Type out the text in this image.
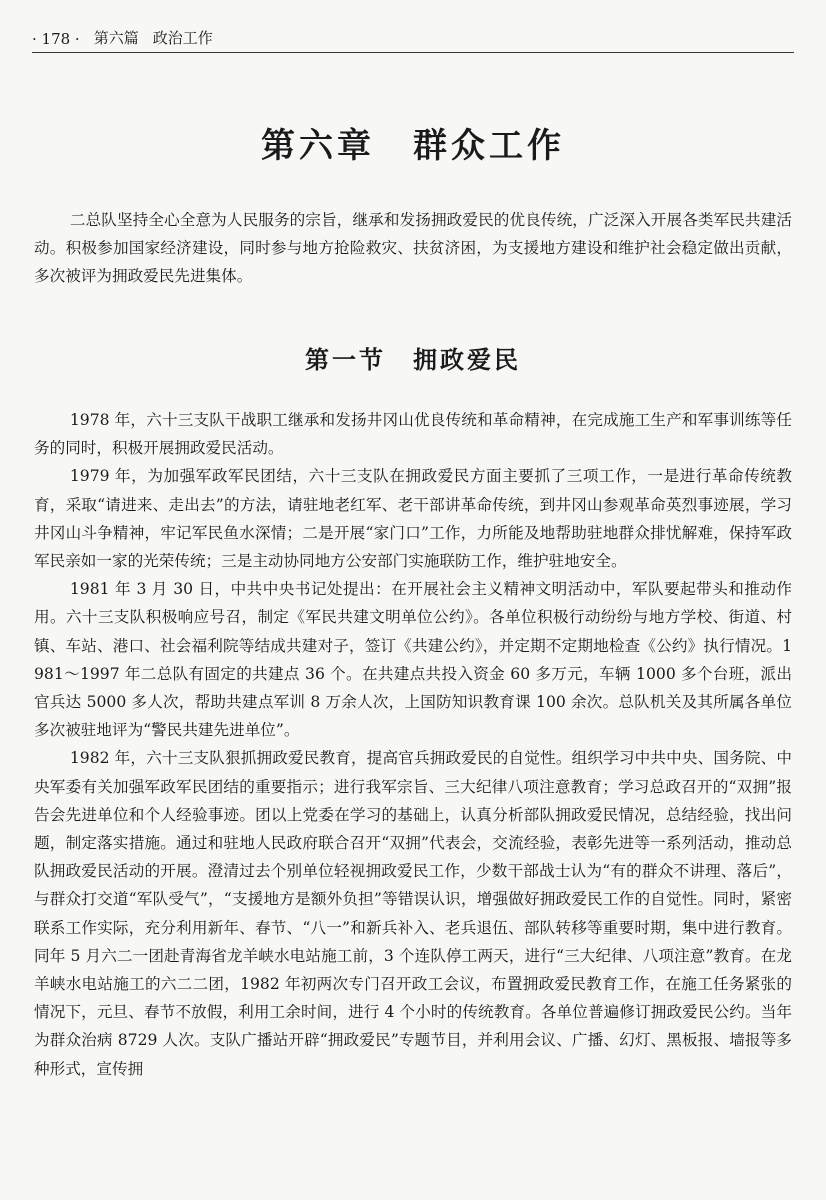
· 178 · 第六篇 政治工作
第六章　群众工作

二总队坚持全心全意为人民服务的宗旨，继承和发扬拥政爱民的优良传统，广泛深入开展各类军民共建活动。积极参加国家经济建设，同时参与地方抢险救灾、扶贫济困，为支援地方建设和维护社会稳定做出贡献，多次被评为拥政爱民先进集体。

第一节　拥政爱民

1978 年，六十三支队干战职工继承和发扬井冈山优良传统和革命精神，在完成施工生产和军事训练等任务的同时，积极开展拥政爱民活动。

1979 年，为加强军政军民团结，六十三支队在拥政爱民方面主要抓了三项工作，一是进行革命传统教育，采取“请进来、走出去”的方法，请驻地老红军、老干部讲革命传统，到井冈山参观革命英烈事迹展，学习井冈山斗争精神，牢记军民鱼水深情；二是开展“家门口”工作，力所能及地帮助驻地群众排忧解难，保持军政军民亲如一家的光荣传统；三是主动协同地方公安部门实施联防工作，维护驻地安全。

1981 年 3 月 30 日，中共中央书记处提出：在开展社会主义精神文明活动中，军队要起带头和推动作用。六十三支队积极响应号召，制定《军民共建文明单位公约》。各单位积极行动纷纷与地方学校、街道、村镇、车站、港口、社会福利院等结成共建对子，签订《共建公约》，并定期不定期地检查《公约》执行情况。1981～1997 年二总队有固定的共建点 36 个。在共建点共投入资金 60 多万元，车辆 1000 多个台班，派出官兵达 5000 多人次，帮助共建点军训 8 万余人次，上国防知识教育课 100 余次。总队机关及其所属各单位多次被驻地评为“警民共建先进单位”。

1982 年，六十三支队狠抓拥政爱民教育，提高官兵拥政爱民的自觉性。组织学习中共中央、国务院、中央军委有关加强军政军民团结的重要指示；进行我军宗旨、三大纪律八项注意教育；学习总政召开的“双拥”报告会先进单位和个人经验事迹。团以上党委在学习的基础上，认真分析部队拥政爱民情况，总结经验，找出问题，制定落实措施。通过和驻地人民政府联合召开“双拥”代表会，交流经验，表彰先进等一系列活动，推动总队拥政爱民活动的开展。澄清过去个别单位轻视拥政爱民工作，少数干部战士认为“有的群众不讲理、落后”，与群众打交道“军队受气”，“支援地方是额外负担”等错误认识，增强做好拥政爱民工作的自觉性。同时，紧密联系工作实际，充分利用新年、春节、“八一”和新兵补入、老兵退伍、部队转移等重要时期，集中进行教育。同年 5 月六二一团赴青海省龙羊峡水电站施工前，3 个连队停工两天，进行“三大纪律、八项注意”教育。在龙羊峡水电站施工的六二二团，1982 年初两次专门召开政工会议，布置拥政爱民教育工作，在施工任务紧张的情况下，元旦、春节不放假，利用工余时间，进行 4 个小时的传统教育。各单位普遍修订拥政爱民公约。当年为群众治病 8729 人次。支队广播站开辟“拥政爱民”专题节目，并利用会议、广播、幻灯、黑板报、墙报等多种形式，宣传拥
